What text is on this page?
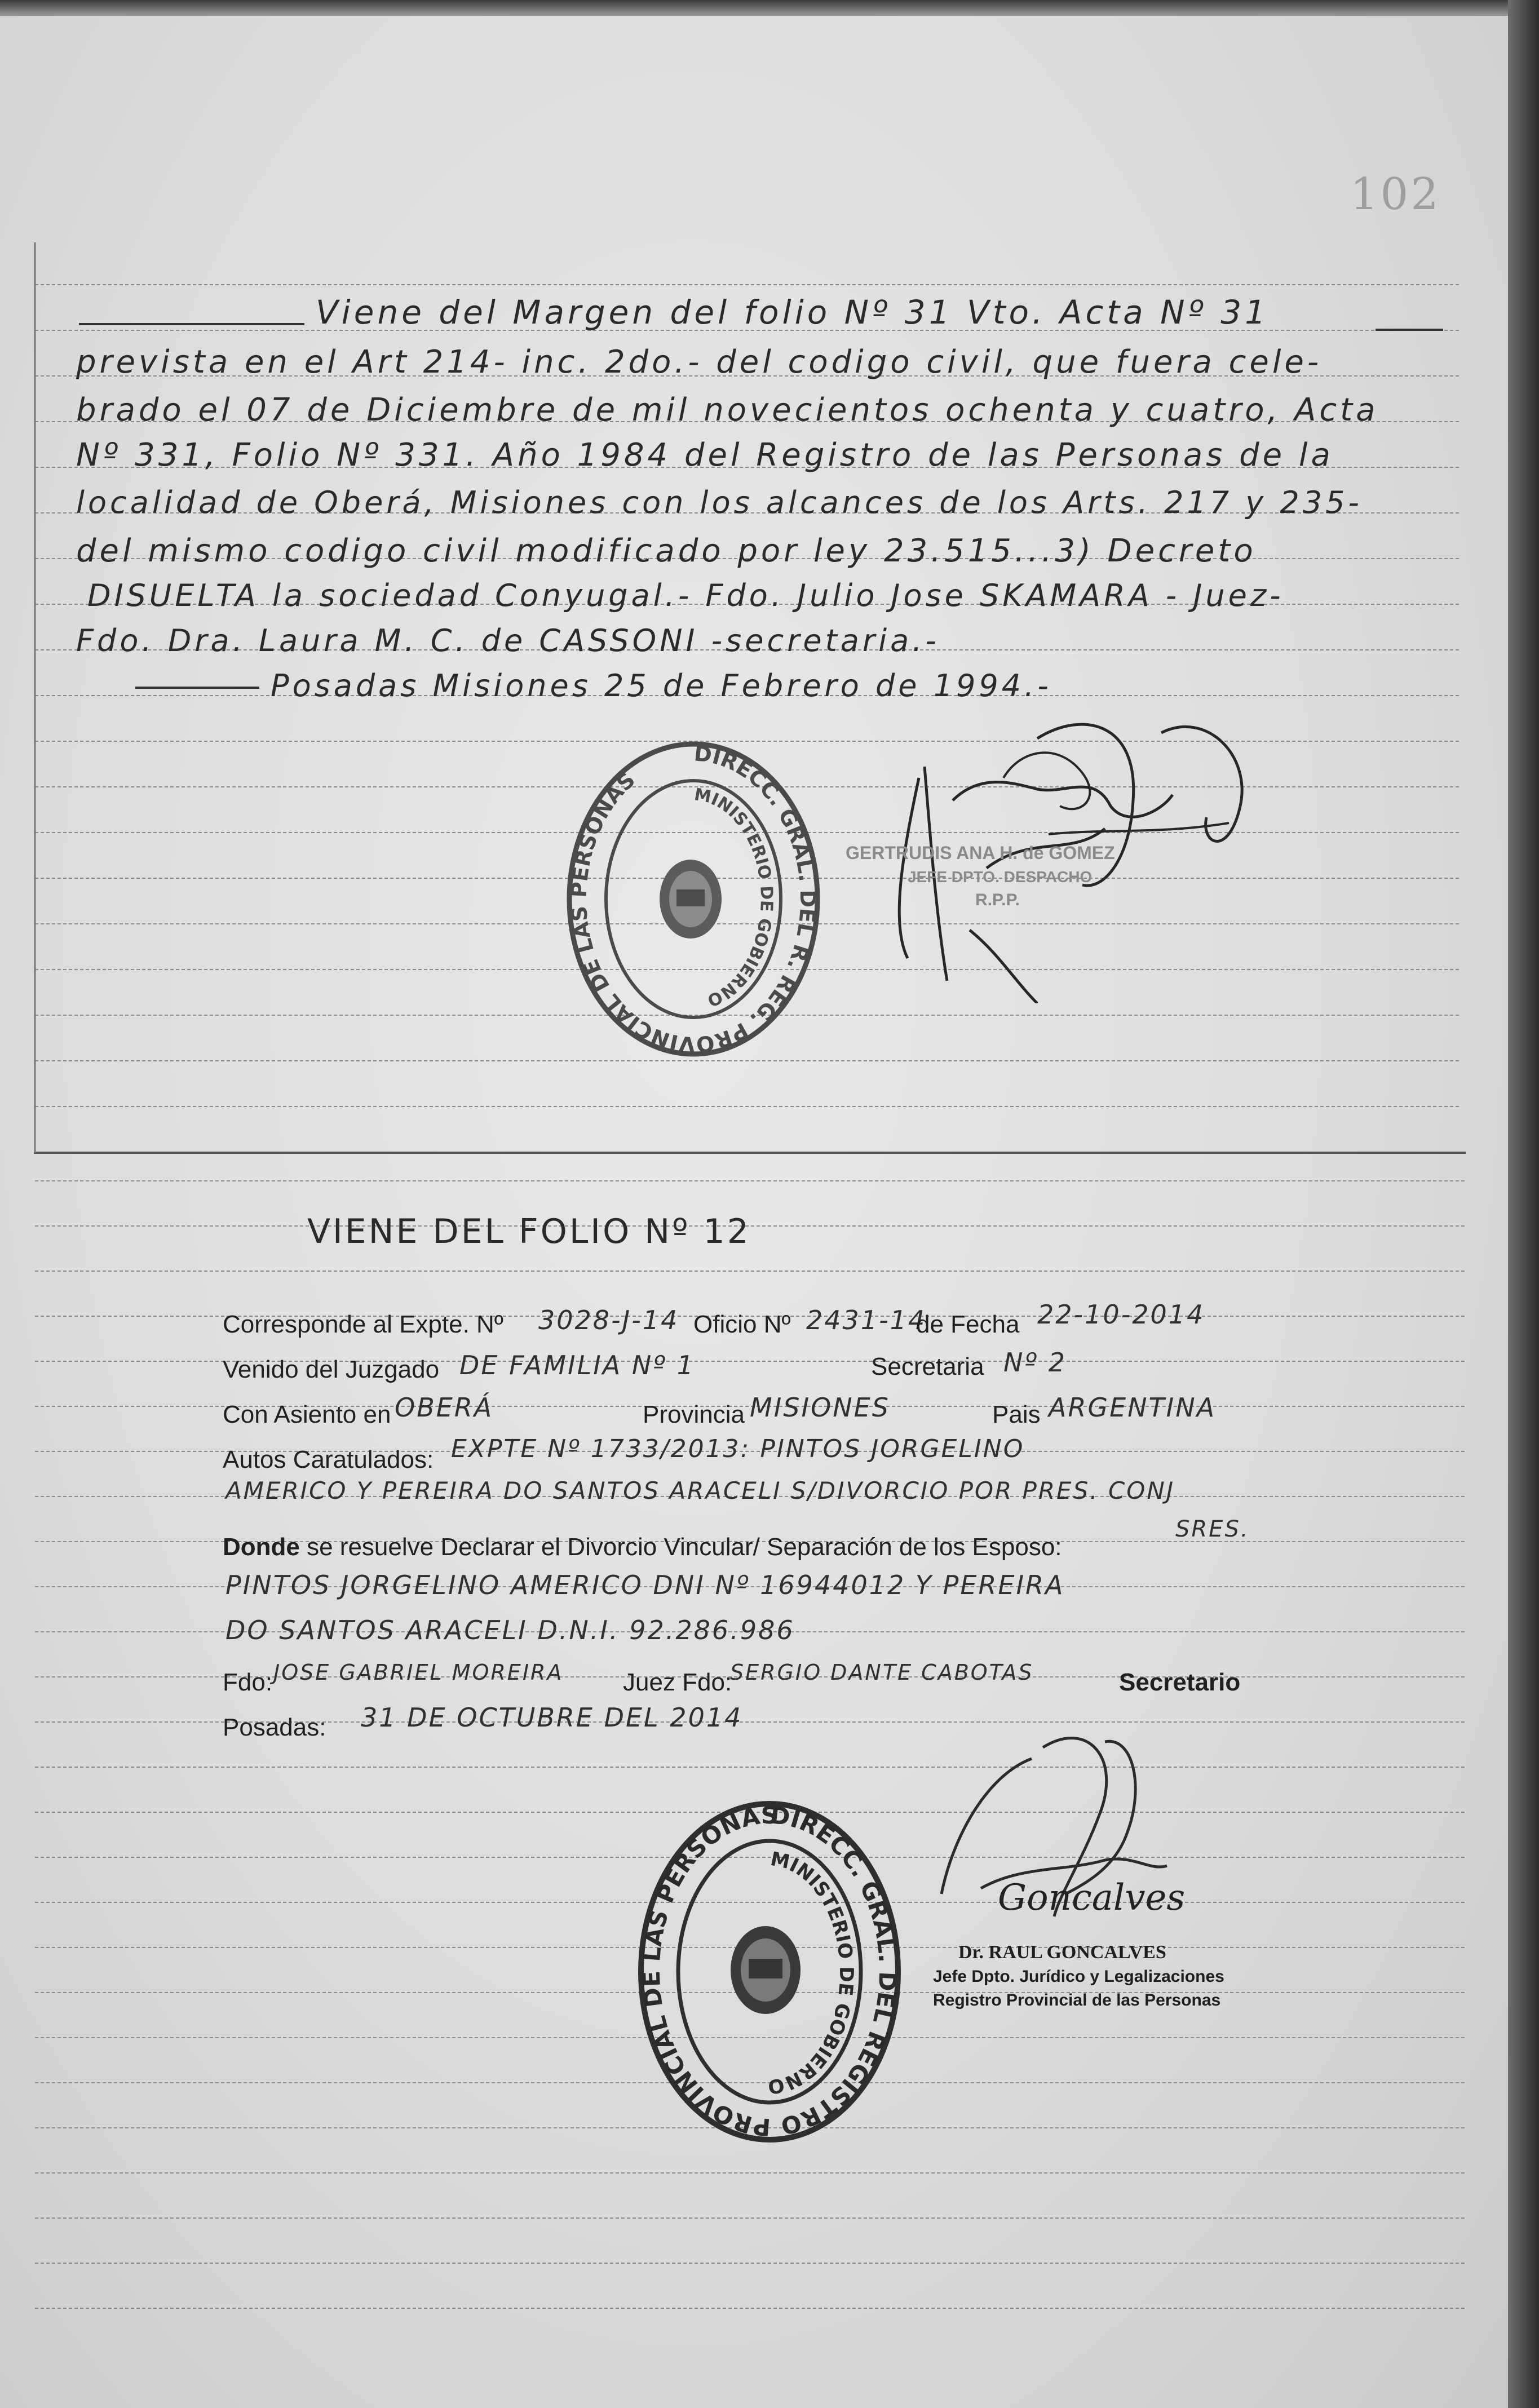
102
Viene del Margen del folio Nº 31 Vto. Acta Nº 31
prevista en el Art 214- inc. 2do.- del codigo civil, que fuera cele-
brado el 07 de Diciembre de mil novecientos ochenta y cuatro, Acta
Nº 331, Folio Nº 331. Año 1984 del Registro de las Personas de la
localidad de Oberá, Misiones con los alcances de los Arts. 217 y 235-
del mismo codigo civil modificado por ley 23.515...3) Decreto
DISUELTA la sociedad Conyugal.- Fdo. Julio Jose SKAMARA - Juez-
Fdo. Dra. Laura M. C. de CASSONI -secretaria.-
Posadas Misiones 25 de Febrero de 1994.-
DIRECC. GRAL. DEL R. REG. PROVINCIAL DE LAS PERSONAS	MINISTERIO DE GOBIERNO
GERTRUDIS ANA H. de GOMEZ
JEFE DPTO. DESPACHO
R.P.P.
VIENE DEL FOLIO Nº 12
Corresponde al Expte. Nº 3028-J-14 Oficio Nº 2431-14
de Fecha 22-10-2014
Venido del Juzgado DE FAMILIA Nº 1	Secretaria Nº 2
Con Asiento en OBERÁ	Provincia MISIONES	Pais ARGENTINA
Autos Caratulados: EXPTE Nº 1733/2013: PINTOS JORGELINO
AMERICO Y PEREIRA DO SANTOS ARACELI S/DIVORCIO POR PRES. CONJ
Donde se resuelve Declarar el Divorcio Vincular/ Separación de los Esposo:
SRES.
PINTOS JORGELINO AMERICO DNI Nº 16944012 Y PEREIRA
DO SANTOS ARACELI D.N.I. 92.286.986
Fdo: JOSE GABRIEL MOREIRA Juez Fdo:
SERGIO DANTE CABOTAS	Secretario
Posadas: 31 DE OCTUBRE DEL 2014
DIRECC. GRAL. DEL REGISTRO PROVINCIAL DE LAS PERSONAS
MINISTERIO DE GOBIERNO
Goncalves
Dr. RAUL GONCALVES
Jefe Dpto. Jurídico y Legalizaciones
Registro Provincial de las Personas
